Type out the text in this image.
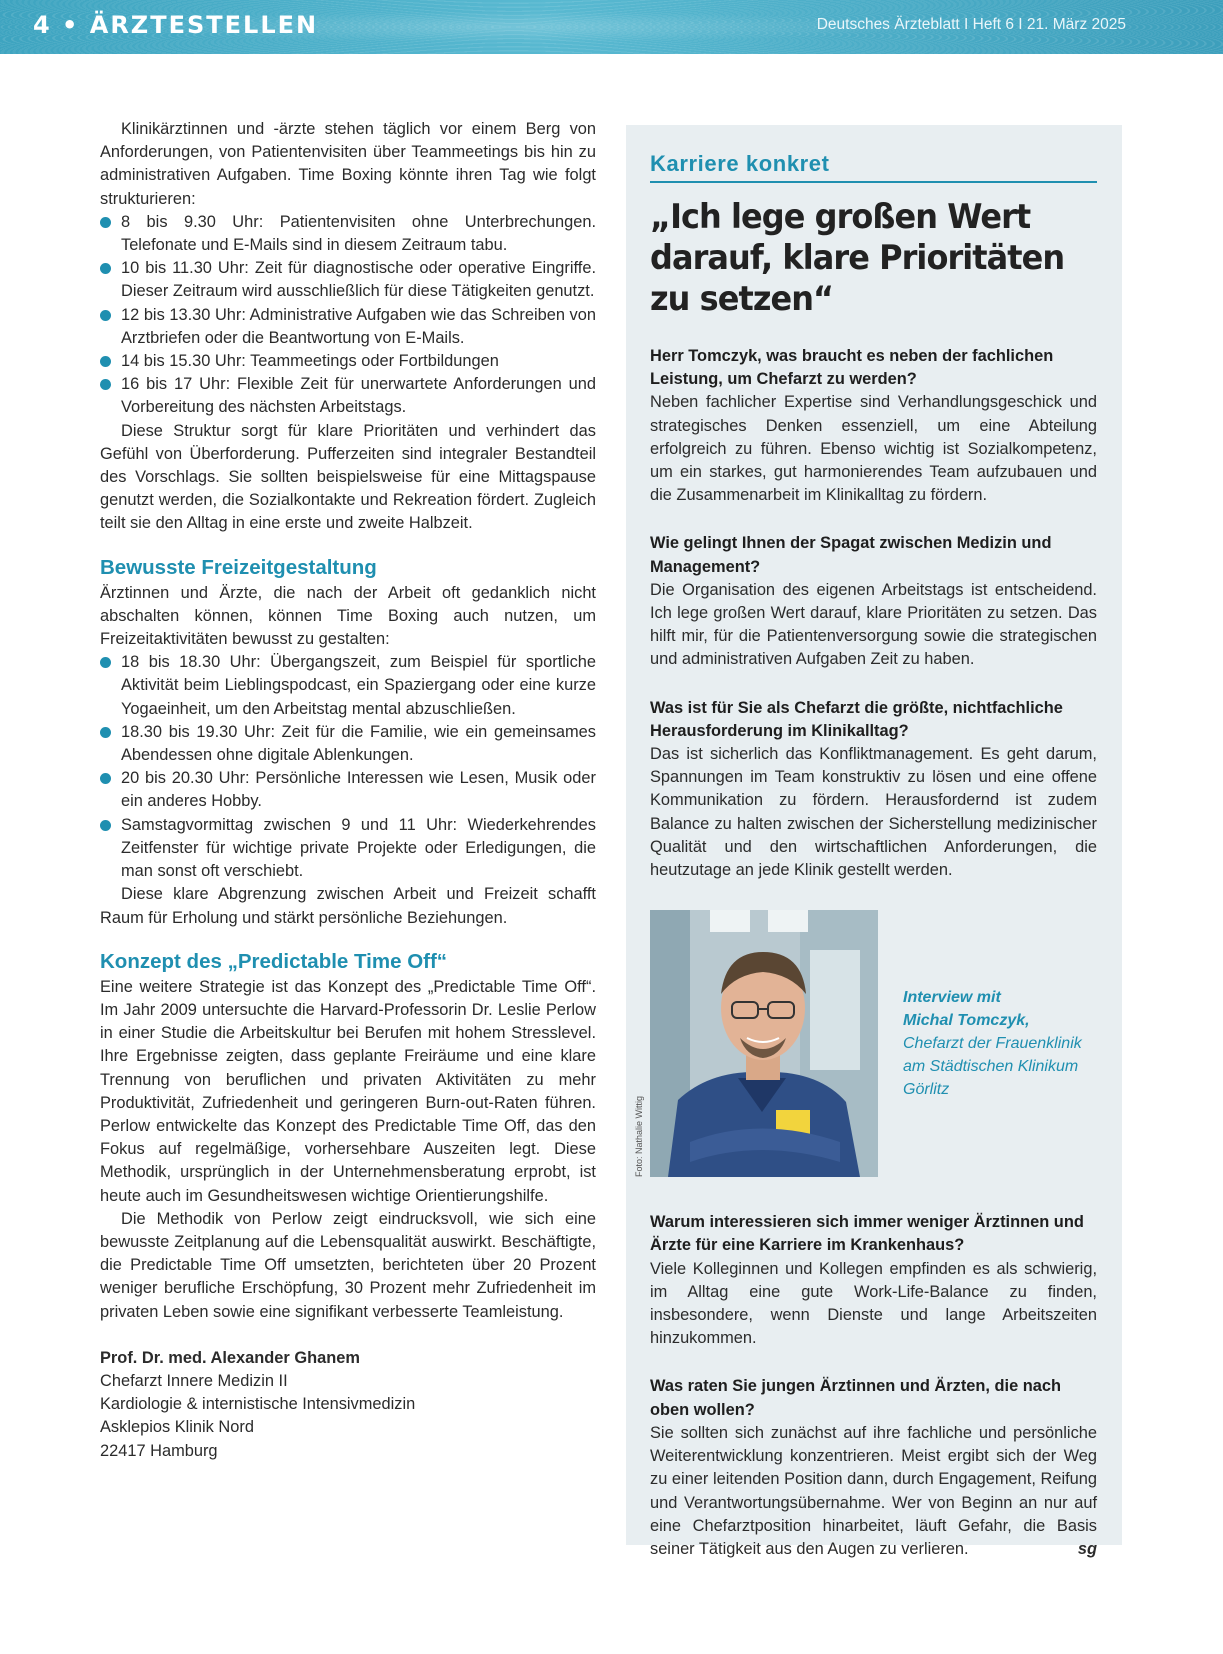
4 • ÄRZTESTELLEN	Deutsches Ärzteblatt I Heft 6 I 21. März 2025

Klinikärztinnen und -ärzte stehen täglich vor einem Berg von Anforderungen, von Patientenvisiten über Teammeetings bis hin zu administrativen Aufgaben. Time Boxing könnte ihren Tag wie folgt strukturieren:

8 bis 9.30 Uhr: Patientenvisiten ohne Unterbrechungen. Telefonate und E-Mails sind in diesem Zeitraum tabu.
10 bis 11.30 Uhr: Zeit für diagnostische oder operative Eingriffe. Dieser Zeitraum wird ausschließlich für diese Tätigkeiten genutzt.
12 bis 13.30 Uhr: Administrative Aufgaben wie das Schreiben von Arztbriefen oder die Beantwortung von E-Mails.
14 bis 15.30 Uhr: Teammeetings oder Fortbildungen
16 bis 17 Uhr: Flexible Zeit für unerwartete Anforderungen und Vorbereitung des nächsten Arbeitstags.

Diese Struktur sorgt für klare Prioritäten und verhindert das Gefühl von Überforderung. Pufferzeiten sind integraler Bestandteil des Vorschlags. Sie sollten beispielsweise für eine Mittagspause genutzt werden, die Sozialkontakte und Rekreation fördert. Zugleich teilt sie den Alltag in eine erste und zweite Halbzeit.

Bewusste Freizeitgestaltung

Ärztinnen und Ärzte, die nach der Arbeit oft gedanklich nicht abschalten können, können Time Boxing auch nutzen, um Freizeitaktivitäten bewusst zu gestalten:

18 bis 18.30 Uhr: Übergangszeit, zum Beispiel für sportliche Aktivität beim Lieblingspodcast, ein Spaziergang oder eine kurze Yogaeinheit, um den Arbeitstag mental abzuschließen.
18.30 bis 19.30 Uhr: Zeit für die Familie, wie ein gemeinsames Abendessen ohne digitale Ablenkungen.
20 bis 20.30 Uhr: Persönliche Interessen wie Lesen, Musik oder ein anderes Hobby.
Samstagvormittag zwischen 9 und 11 Uhr: Wiederkehrendes Zeitfenster für wichtige private Projekte oder Erledigungen, die man sonst oft verschiebt.

Diese klare Abgrenzung zwischen Arbeit und Freizeit schafft Raum für Erholung und stärkt persönliche Beziehungen.

Konzept des „Predictable Time Off“

Eine weitere Strategie ist das Konzept des „Predictable Time Off“. Im Jahr 2009 untersuchte die Harvard-Professorin Dr. Leslie Perlow in einer Studie die Arbeitskultur bei Berufen mit hohem Stresslevel. Ihre Ergebnisse zeigten, dass geplante Freiräume und eine klare Trennung von beruflichen und privaten Aktivitäten zu mehr Produktivität, Zufriedenheit und geringeren Burn-out-Raten führen. Perlow entwickelte das Konzept des Predictable Time Off, das den Fokus auf regelmäßige, vorhersehbare Auszeiten legt. Diese Methodik, ursprünglich in der Unternehmensberatung erprobt, ist heute auch im Gesundheitswesen wichtige Orientierungshilfe.

Die Methodik von Perlow zeigt eindrucksvoll, wie sich eine bewusste Zeitplanung auf die Lebensqualität auswirkt. Beschäftigte, die Predictable Time Off umsetzten, berichteten über 20 Prozent weniger berufliche Erschöpfung, 30 Prozent mehr Zufriedenheit im privaten Leben sowie eine signifikant verbesserte Teamleistung.

Prof. Dr. med. Alexander Ghanem
Chefarzt Innere Medizin II
Kardiologie & internistische Intensivmedizin
Asklepios Klinik Nord
22417 Hamburg
Karriere konkret
„Ich lege großen Wert darauf, klare Prioritäten zu setzen“
Herr Tomczyk, was braucht es neben der fachlichen Leistung, um Chefarzt zu werden?
Neben fachlicher Expertise sind Verhandlungsgeschick und strategisches Denken essenziell, um eine Abteilung erfolgreich zu führen. Ebenso wichtig ist Sozialkompetenz, um ein starkes, gut harmonierendes Team aufzubauen und die Zusammenarbeit im Klinikalltag zu fördern.
Wie gelingt Ihnen der Spagat zwischen Medizin und Management?
Die Organisation des eigenen Arbeitstags ist entscheidend. Ich lege großen Wert darauf, klare Prioritäten zu setzen. Das hilft mir, für die Patientenversorgung sowie die strategischen und administrativen Aufgaben Zeit zu haben.
Was ist für Sie als Chefarzt die größte, nichtfachliche Herausforderung im Klinikalltag?
Das ist sicherlich das Konfliktmanagement. Es geht darum, Spannungen im Team konstruktiv zu lösen und eine offene Kommunikation zu fördern. Herausfordernd ist zudem Balance zu halten zwischen der Sicherstellung medizinischer Qualität und den wirtschaftlichen Anforderungen, die heutzutage an jede Klinik gestellt werden.
Foto: Nathalie Wittig
Interview mit
Michal Tomczyk,
Chefarzt der Frauenklinik am Städtischen Klinikum Görlitz
Warum interessieren sich immer weniger Ärztinnen und Ärzte für eine Karriere im Krankenhaus?
Viele Kolleginnen und Kollegen empfinden es als schwierig, im Alltag eine gute Work-Life-Balance zu finden, insbesondere, wenn Dienste und lange Arbeitszeiten hinzukommen.
Was raten Sie jungen Ärztinnen und Ärzten, die nach oben wollen?
Sie sollten sich zunächst auf ihre fachliche und persönliche Weiterentwicklung konzentrieren. Meist ergibt sich der Weg zu einer leitenden Position dann, durch Engagement, Reifung und Verantwortungsübernahme. Wer von Beginn an nur auf eine Chefarztposition hinarbeitet, läuft Gefahr, die Basis seiner Tätigkeit aus den Augen zu verlieren.	sg
